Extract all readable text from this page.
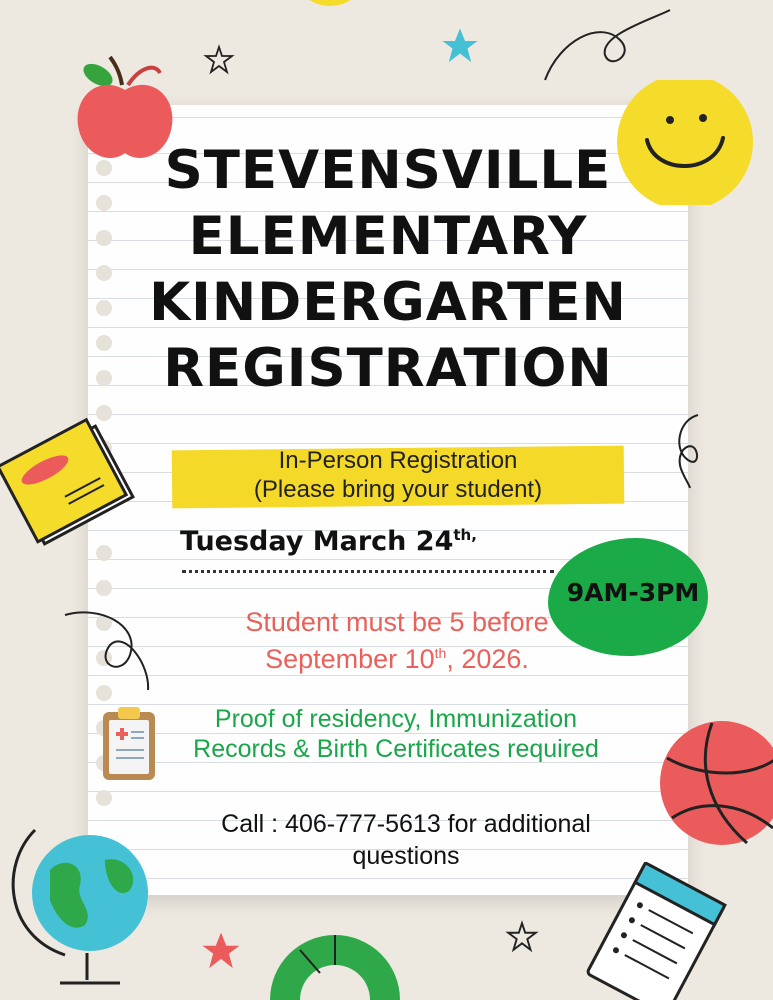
STEVENSVILLE
ELEMENTARY
KINDERGARTEN
REGISTRATION
In-Person Registration
(Please bring your student)
Tuesday March $24^{th,}$
9AM-3PM
Student must be 5 before
September 10th, 2026.
Proof of residency, Immunization
Records & Birth Certificates required
Call : 406-777-5613 for additional
questions
